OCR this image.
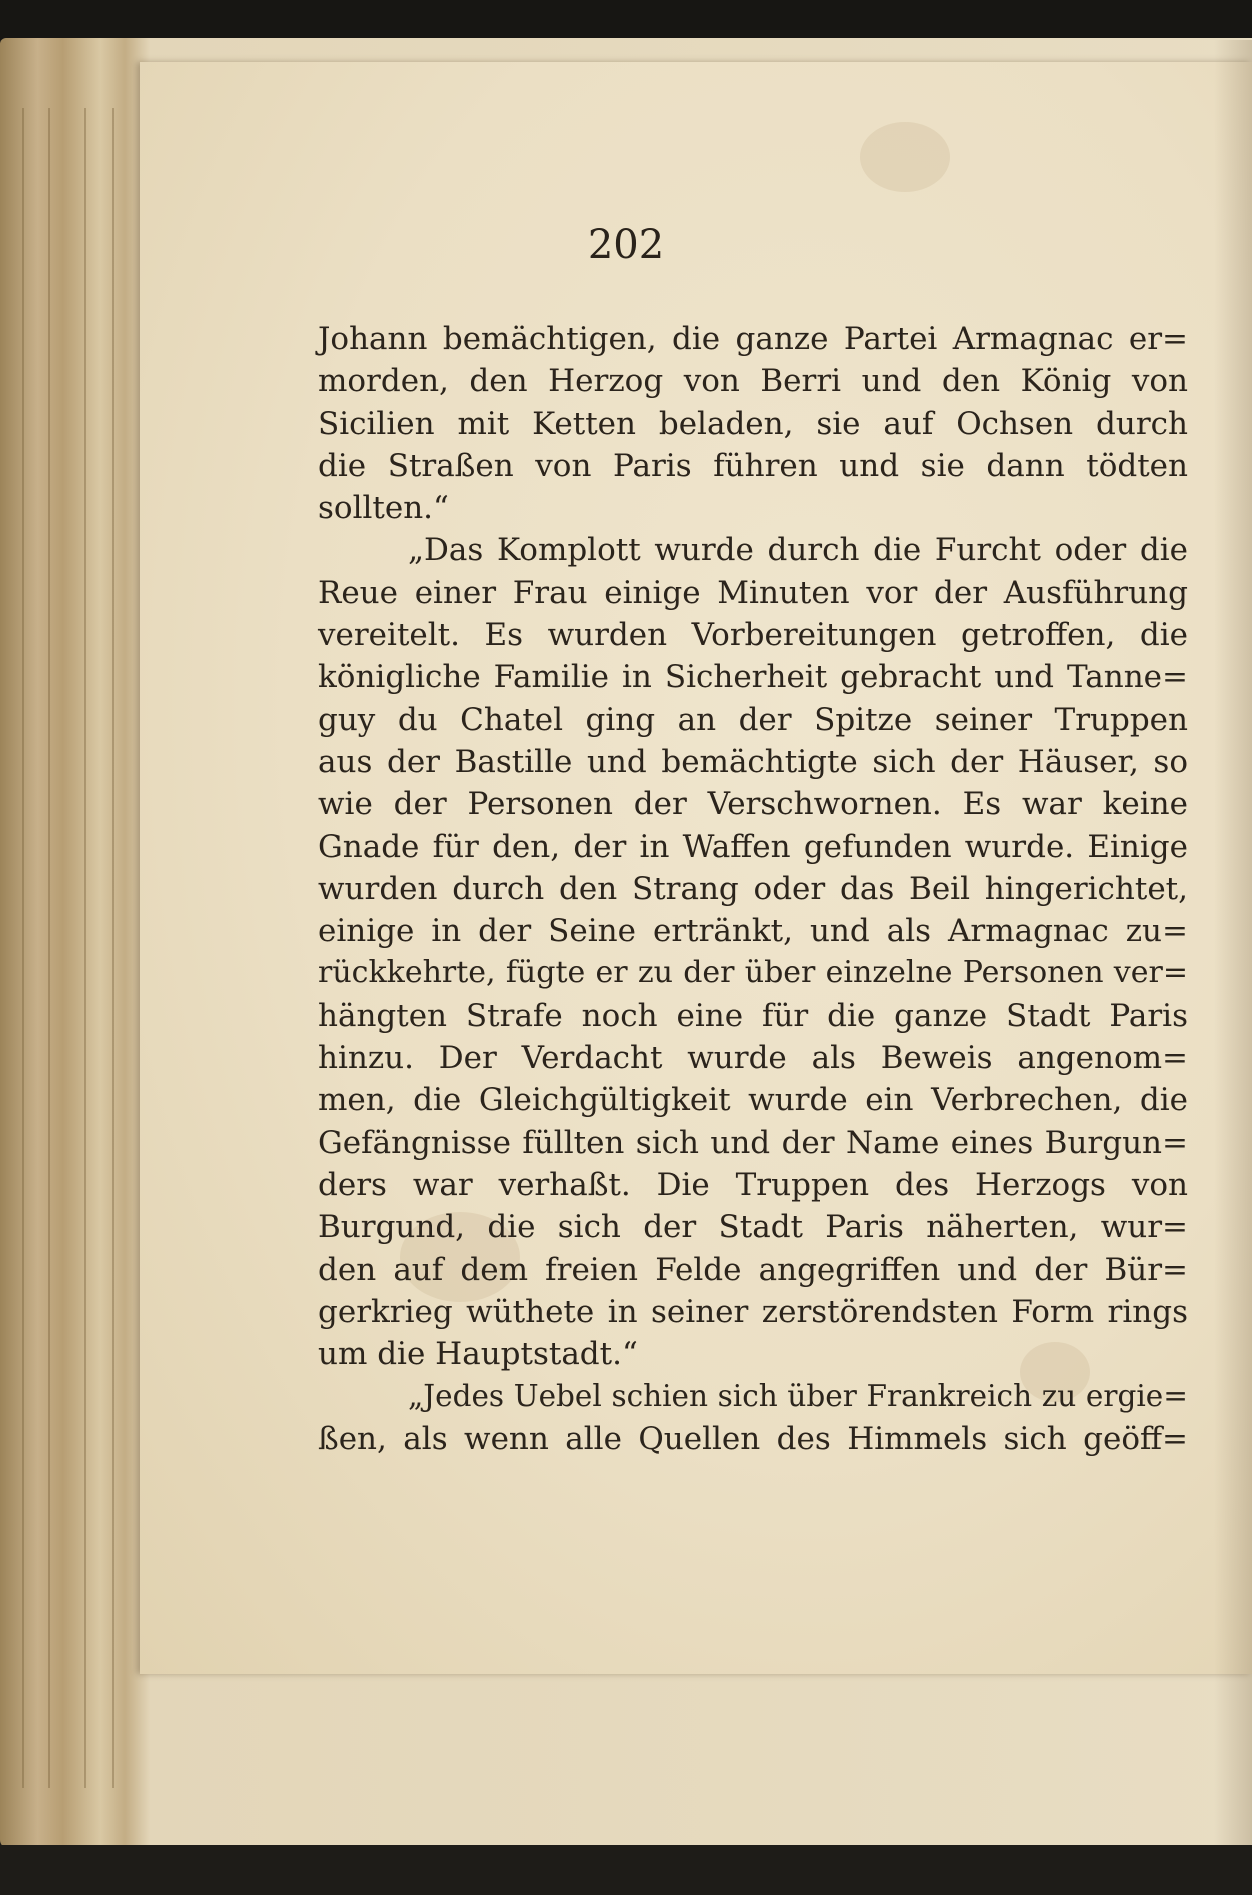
202
Johann bemächtigen, die ganze Partei Armagnac er=
morden, den Herzog von Berri und den König von
Sicilien mit Ketten beladen, sie auf Ochsen durch
die Straßen von Paris führen und sie dann tödten
sollten.“
„Das Komplott wurde durch die Furcht oder die
Reue einer Frau einige Minuten vor der Ausführung
vereitelt. Es wurden Vorbereitungen getroffen, die
königliche Familie in Sicherheit gebracht und Tanne=
guy du Chatel ging an der Spitze seiner Truppen
aus der Bastille und bemächtigte sich der Häuser, so
wie der Personen der Verschwornen. Es war keine
Gnade für den, der in Waffen gefunden wurde. Einige
wurden durch den Strang oder das Beil hingerichtet,
einige in der Seine ertränkt, und als Armagnac zu=
rückkehrte, fügte er zu der über einzelne Personen ver=
hängten Strafe noch eine für die ganze Stadt Paris
hinzu. Der Verdacht wurde als Beweis angenom=
men, die Gleichgültigkeit wurde ein Verbrechen, die
Gefängnisse füllten sich und der Name eines Burgun=
ders war verhaßt. Die Truppen des Herzogs von
Burgund, die sich der Stadt Paris näherten, wur=
den auf dem freien Felde angegriffen und der Bür=
gerkrieg wüthete in seiner zerstörendsten Form rings
um die Hauptstadt.“
„Jedes Uebel schien sich über Frankreich zu ergie=
ßen, als wenn alle Quellen des Himmels sich geöff=
